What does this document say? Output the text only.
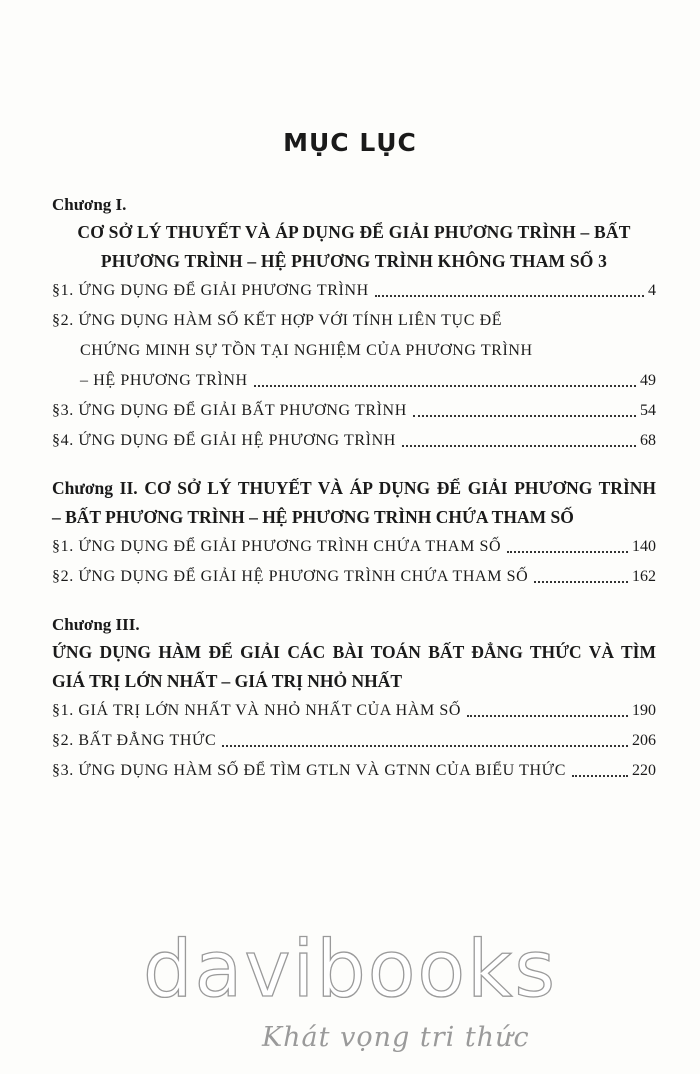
MỤC LỤC
Chương I.
CƠ SỞ LÝ THUYẾT VÀ ÁP DỤNG ĐỂ GIẢI PHƯƠNG TRÌNH – BẤT
PHƯƠNG TRÌNH – HỆ PHƯƠNG TRÌNH KHÔNG THAM SỐ 3
§1. ỨNG DỤNG ĐỂ GIẢI PHƯƠNG TRÌNH	4
§2. ỨNG DỤNG HÀM SỐ KẾT HỢP VỚI TÍNH LIÊN TỤC ĐỂ
CHỨNG MINH SỰ TỒN TẠI NGHIỆM CỦA PHƯƠNG TRÌNH
– HỆ PHƯƠNG TRÌNH	49
§3. ỨNG DỤNG ĐỂ GIẢI BẤT PHƯƠNG TRÌNH	54
§4. ỨNG DỤNG ĐỂ GIẢI HỆ PHƯƠNG TRÌNH	68
Chương II. CƠ SỞ LÝ THUYẾT VÀ ÁP DỤNG ĐỂ GIẢI PHƯƠNG TRÌNH
– BẤT PHƯƠNG TRÌNH – HỆ PHƯƠNG TRÌNH CHỨA THAM SỐ
§1. ỨNG DỤNG ĐỂ GIẢI PHƯƠNG TRÌNH CHỨA THAM SỐ	140
§2. ỨNG DỤNG ĐỂ GIẢI HỆ PHƯƠNG TRÌNH CHỨA THAM SỐ	162
Chương III.
ỨNG DỤNG HÀM ĐỂ GIẢI CÁC BÀI TOÁN BẤT ĐẲNG THỨC VÀ TÌM
GIÁ TRỊ LỚN NHẤT – GIÁ TRỊ NHỎ NHẤT
§1. GIÁ TRỊ LỚN NHẤT VÀ NHỎ NHẤT CỦA HÀM SỐ	190
§2. BẤT ĐẲNG THỨC	206
§3. ỨNG DỤNG HÀM SỐ ĐỂ TÌM GTLN VÀ GTNN CỦA BIỂU THỨC	220
davibooks
Khát vọng tri thức
